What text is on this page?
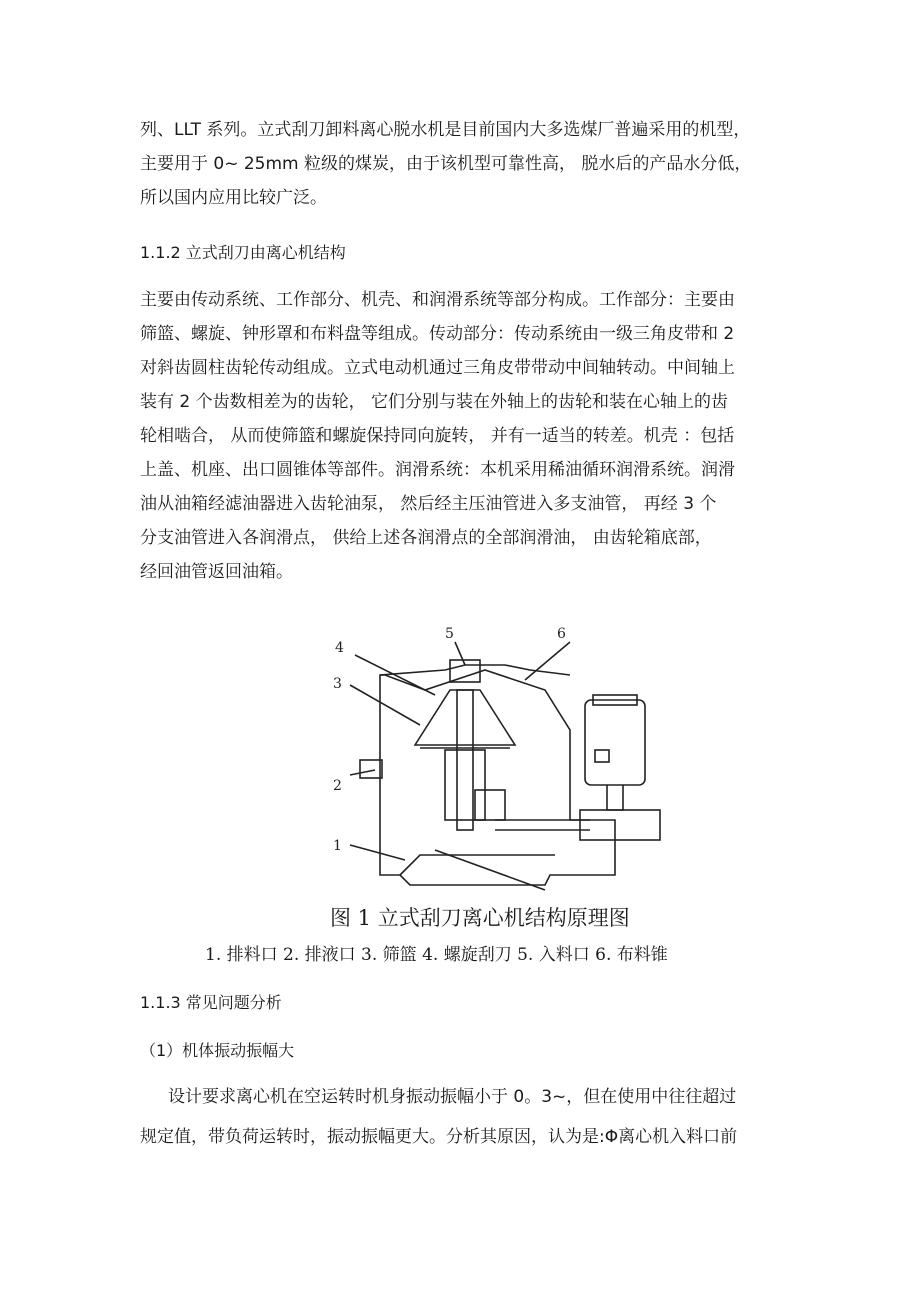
列、LLT 系列。立式刮刀卸料离心脱水机是目前国内大多选煤厂普遍采用的机型，
主要用于 0~ 25mm 粒级的煤炭，由于该机型可靠性高， 脱水后的产品水分低，
所以国内应用比较广泛。
1.1.2 立式刮刀由离心机结构
主要由传动系统、工作部分、机壳、和润滑系统等部分构成。工作部分：主要由
筛篮、螺旋、钟形罩和布料盘等组成。传动部分：传动系统由一级三角皮带和 2
对斜齿圆柱齿轮传动组成。立式电动机通过三角皮带带动中间轴转动。中间轴上
装有 2 个齿数相差为的齿轮， 它们分别与装在外轴上的齿轮和装在心轴上的齿
轮相啮合， 从而使筛篮和螺旋保持同向旋转， 并有一适当的转差。机壳 ：包括
上盖、机座、出口圆锥体等部件。润滑系统：本机采用稀油循环润滑系统。润滑
油从油箱经滤油器进入齿轮油泵， 然后经主压油管进入多支油管， 再经 3 个
分支油管进入各润滑点， 供给上述各润滑点的全部润滑油， 由齿轮箱底部，
经回油管返回油箱。
5	6
4
3
2
1

图 1 立式刮刀离心机结构原理图

1. 排料口 2. 排液口 3. 筛篮 4. 螺旋刮刀 5. 入料口 6. 布料锥

1.1.3 常见问题分析
（1）机体振动振幅大
设计要求离心机在空运转时机身振动振幅小于 0。3~，但在使用中往往超过
规定值，带负荷运转时，振动振幅更大。分析其原因，认为是:Φ离心机入料口前
